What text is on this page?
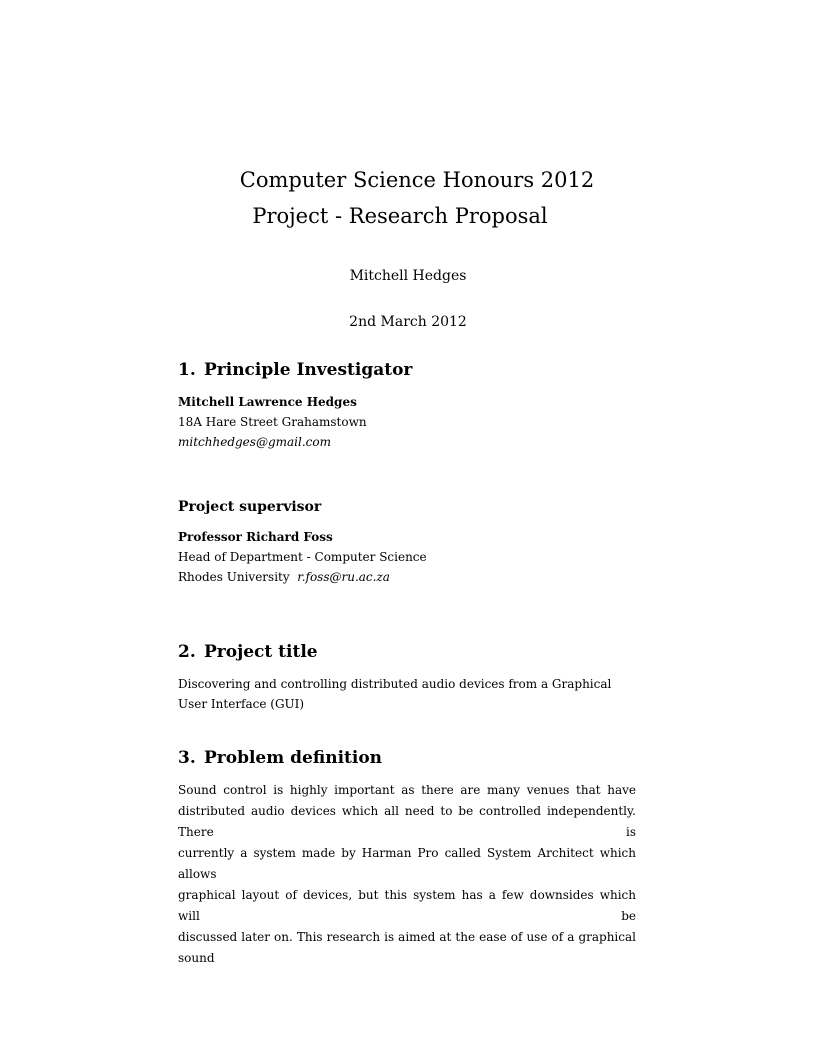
Computer Science Honours 2012
Project - Research Proposal
Mitchell Hedges
2nd March 2012

1. Principle Investigator

Mitchell Lawrence Hedges

18A Hare Street Grahamstown

mitchhedges@gmail.com

Project supervisor

Professor Richard Foss

Head of Department - Computer Science

Rhodes University r.foss@ru.ac.za

2. Project title

Discovering and controlling distributed audio devices from a Graphical User Interface (GUI)

3. Problem definition

Sound control is highly important as there are many venues that have

distributed audio devices which all need to be controlled independently. There is

currently a system made by Harman Pro called System Architect which allows

graphical layout of devices, but this system has a few downsides which will be

discussed later on. This research is aimed at the ease of use of a graphical sound
